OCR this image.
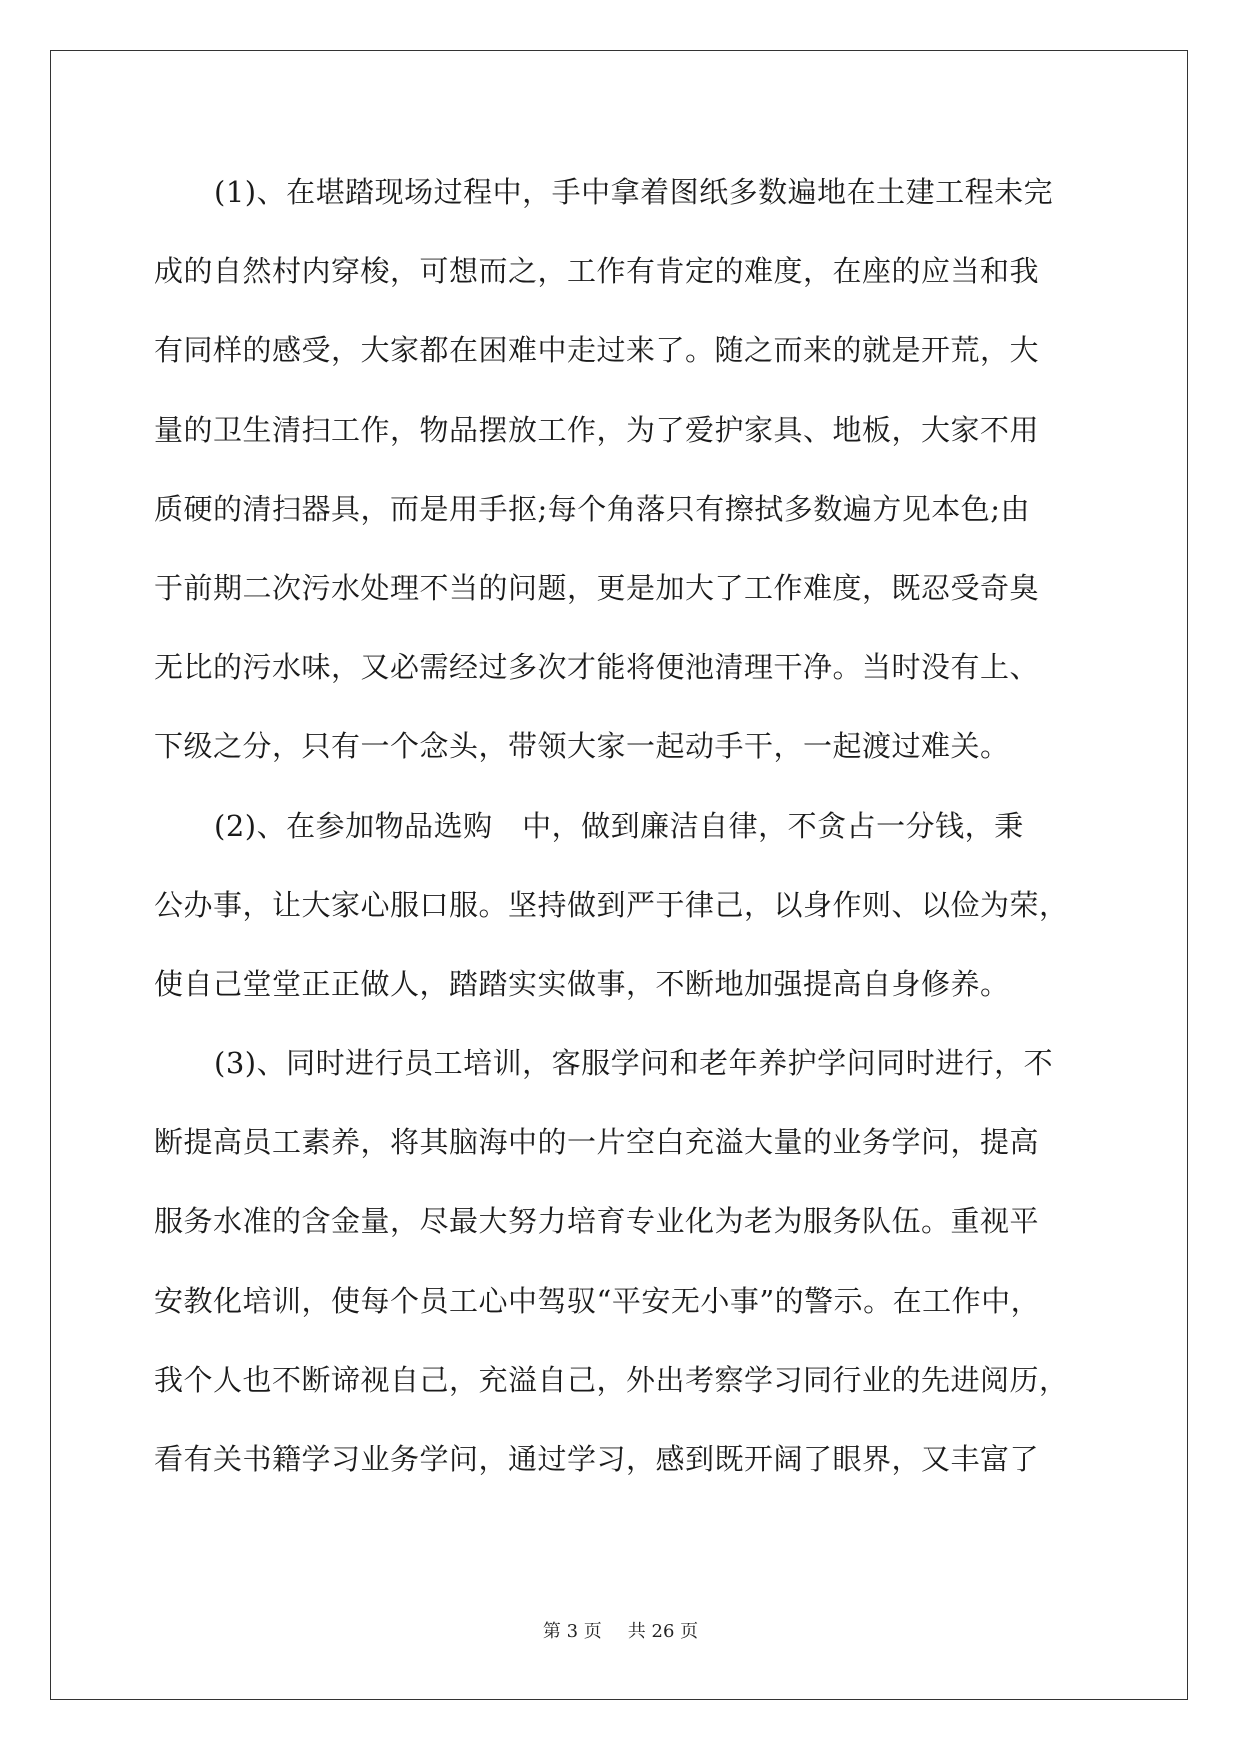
(1)、在堪踏现场过程中，手中拿着图纸多数遍地在土建工程未完
成的自然村内穿梭，可想而之，工作有肯定的难度，在座的应当和我
有同样的感受，大家都在困难中走过来了。随之而来的就是开荒，大
量的卫生清扫工作，物品摆放工作，为了爱护家具、地板，大家不用
质硬的清扫器具，而是用手抠;每个角落只有擦拭多数遍方见本色;由
于前期二次污水处理不当的问题，更是加大了工作难度，既忍受奇臭
无比的污水味，又必需经过多次才能将便池清理干净。当时没有上、
下级之分，只有一个念头，带领大家一起动手干，一起渡过难关。
(2)、在参加物品选购　中，做到廉洁自律，不贪占一分钱，秉
公办事，让大家心服口服。坚持做到严于律己，以身作则、以俭为荣，
使自己堂堂正正做人，踏踏实实做事，不断地加强提高自身修养。
(3)、同时进行员工培训，客服学问和老年养护学问同时进行，不
断提高员工素养，将其脑海中的一片空白充溢大量的业务学问，提高
服务水准的含金量，尽最大努力培育专业化为老为服务队伍。重视平
安教化培训，使每个员工心中驾驭“平安无小事”的警示。在工作中，
我个人也不断谛视自己，充溢自己，外出考察学习同行业的先进阅历，
看有关书籍学习业务学问，通过学习，感到既开阔了眼界，又丰富了
第 3 页 共 26 页
